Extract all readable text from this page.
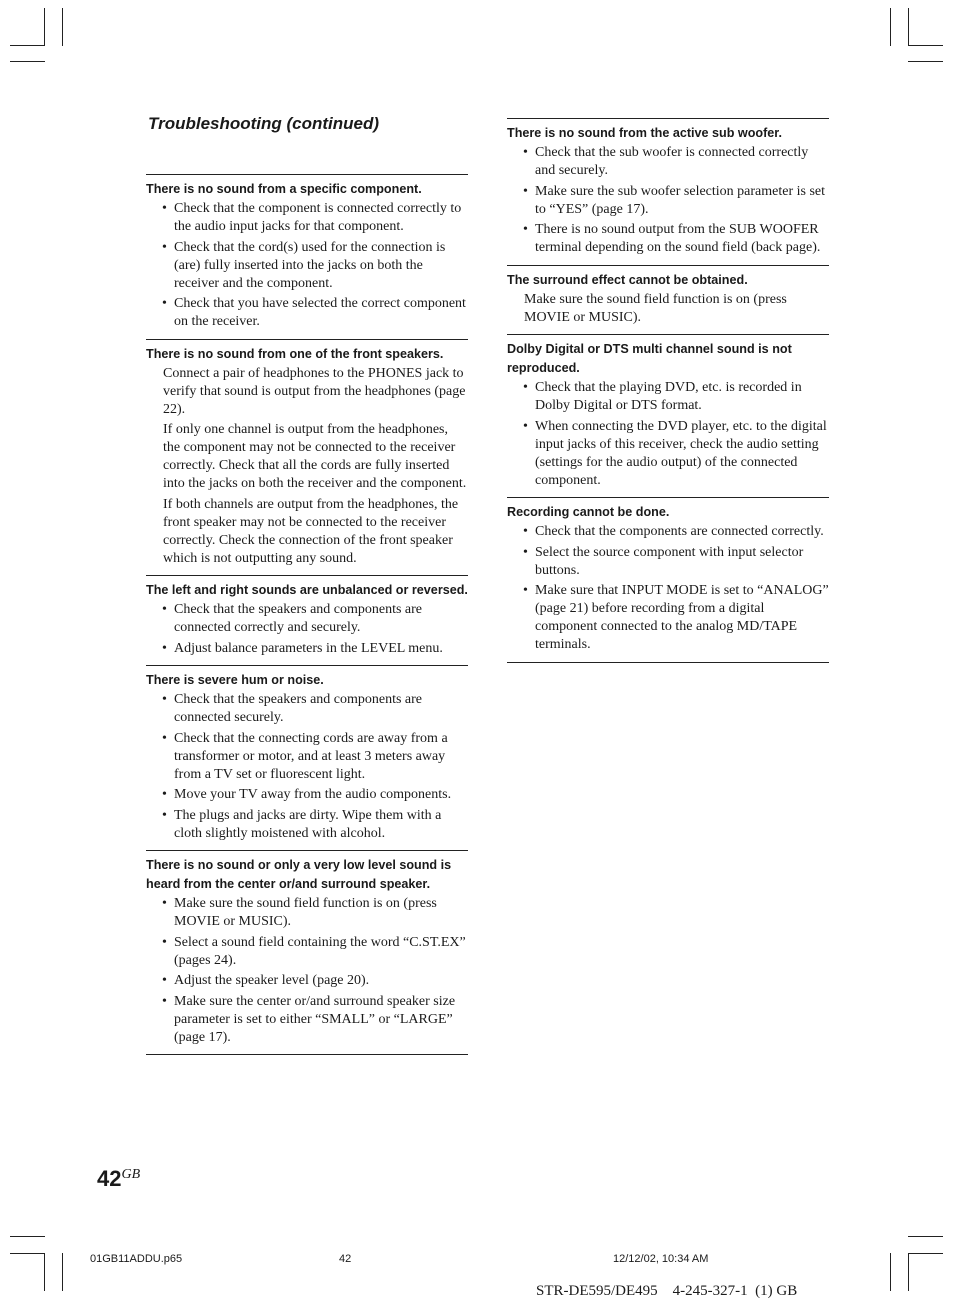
Troubleshooting (continued)
There is no sound from a specific component.
• Check that the component is connected correctly to the audio input jacks for that component.
• Check that the cord(s) used for the connection is (are) fully inserted into the jacks on both the receiver and the component.
• Check that you have selected the correct component on the receiver.
There is no sound from one of the front speakers.

Connect a pair of headphones to the PHONES jack to verify that sound is output from the headphones (page 22).

If only one channel is output from the headphones, the component may not be connected to the receiver correctly. Check that all the cords are fully inserted into the jacks on both the receiver and the component.

If both channels are output from the headphones, the front speaker may not be connected to the receiver correctly. Check the connection of the front speaker which is not outputting any sound.

The left and right sounds are unbalanced or reversed.
• Check that the speakers and components are connected correctly and securely.
• Adjust balance parameters in the LEVEL menu.
There is severe hum or noise.
• Check that the speakers and components are connected securely.
• Check that the connecting cords are away from a transformer or motor, and at least 3 meters away from a TV set or fluorescent light.
• Move your TV away from the audio components.
• The plugs and jacks are dirty. Wipe them with a cloth slightly moistened with alcohol.
There is no sound or only a very low level sound is heard from the center or/and surround speaker.
• Make sure the sound field function is on (press MOVIE or MUSIC).
• Select a sound field containing the word “C.ST.EX” (pages 24).
• Adjust the speaker level (page 20).
• Make sure the center or/and surround speaker size parameter is set to either “SMALL” or “LARGE” (page 17).
There is no sound from the active sub woofer.
• Check that the sub woofer is connected correctly and securely.
• Make sure the sub woofer selection parameter is set to “YES” (page 17).
• There is no sound output from the SUB WOOFER terminal depending on the sound field (back page).
The surround effect cannot be obtained.

Make sure the sound field function is on (press MOVIE or MUSIC).

Dolby Digital or DTS multi channel sound is not reproduced.
• Check that the playing DVD, etc. is recorded in Dolby Digital or DTS format.
• When connecting the DVD player, etc. to the digital input jacks of this receiver, check the audio setting (settings for the audio output) of the connected component.
Recording cannot be done.
• Check that the components are connected correctly.
• Select the source component with input selector buttons.
• Make sure that INPUT MODE is set to “ANALOG” (page 21) before recording from a digital component connected to the analog MD/TAPE terminals.
$42^{GB}$
01GB11ADDU.p65	42	12/12/02, 10:34 AM
STR-DE595/DE495    4-245-327-1  (1) GB
